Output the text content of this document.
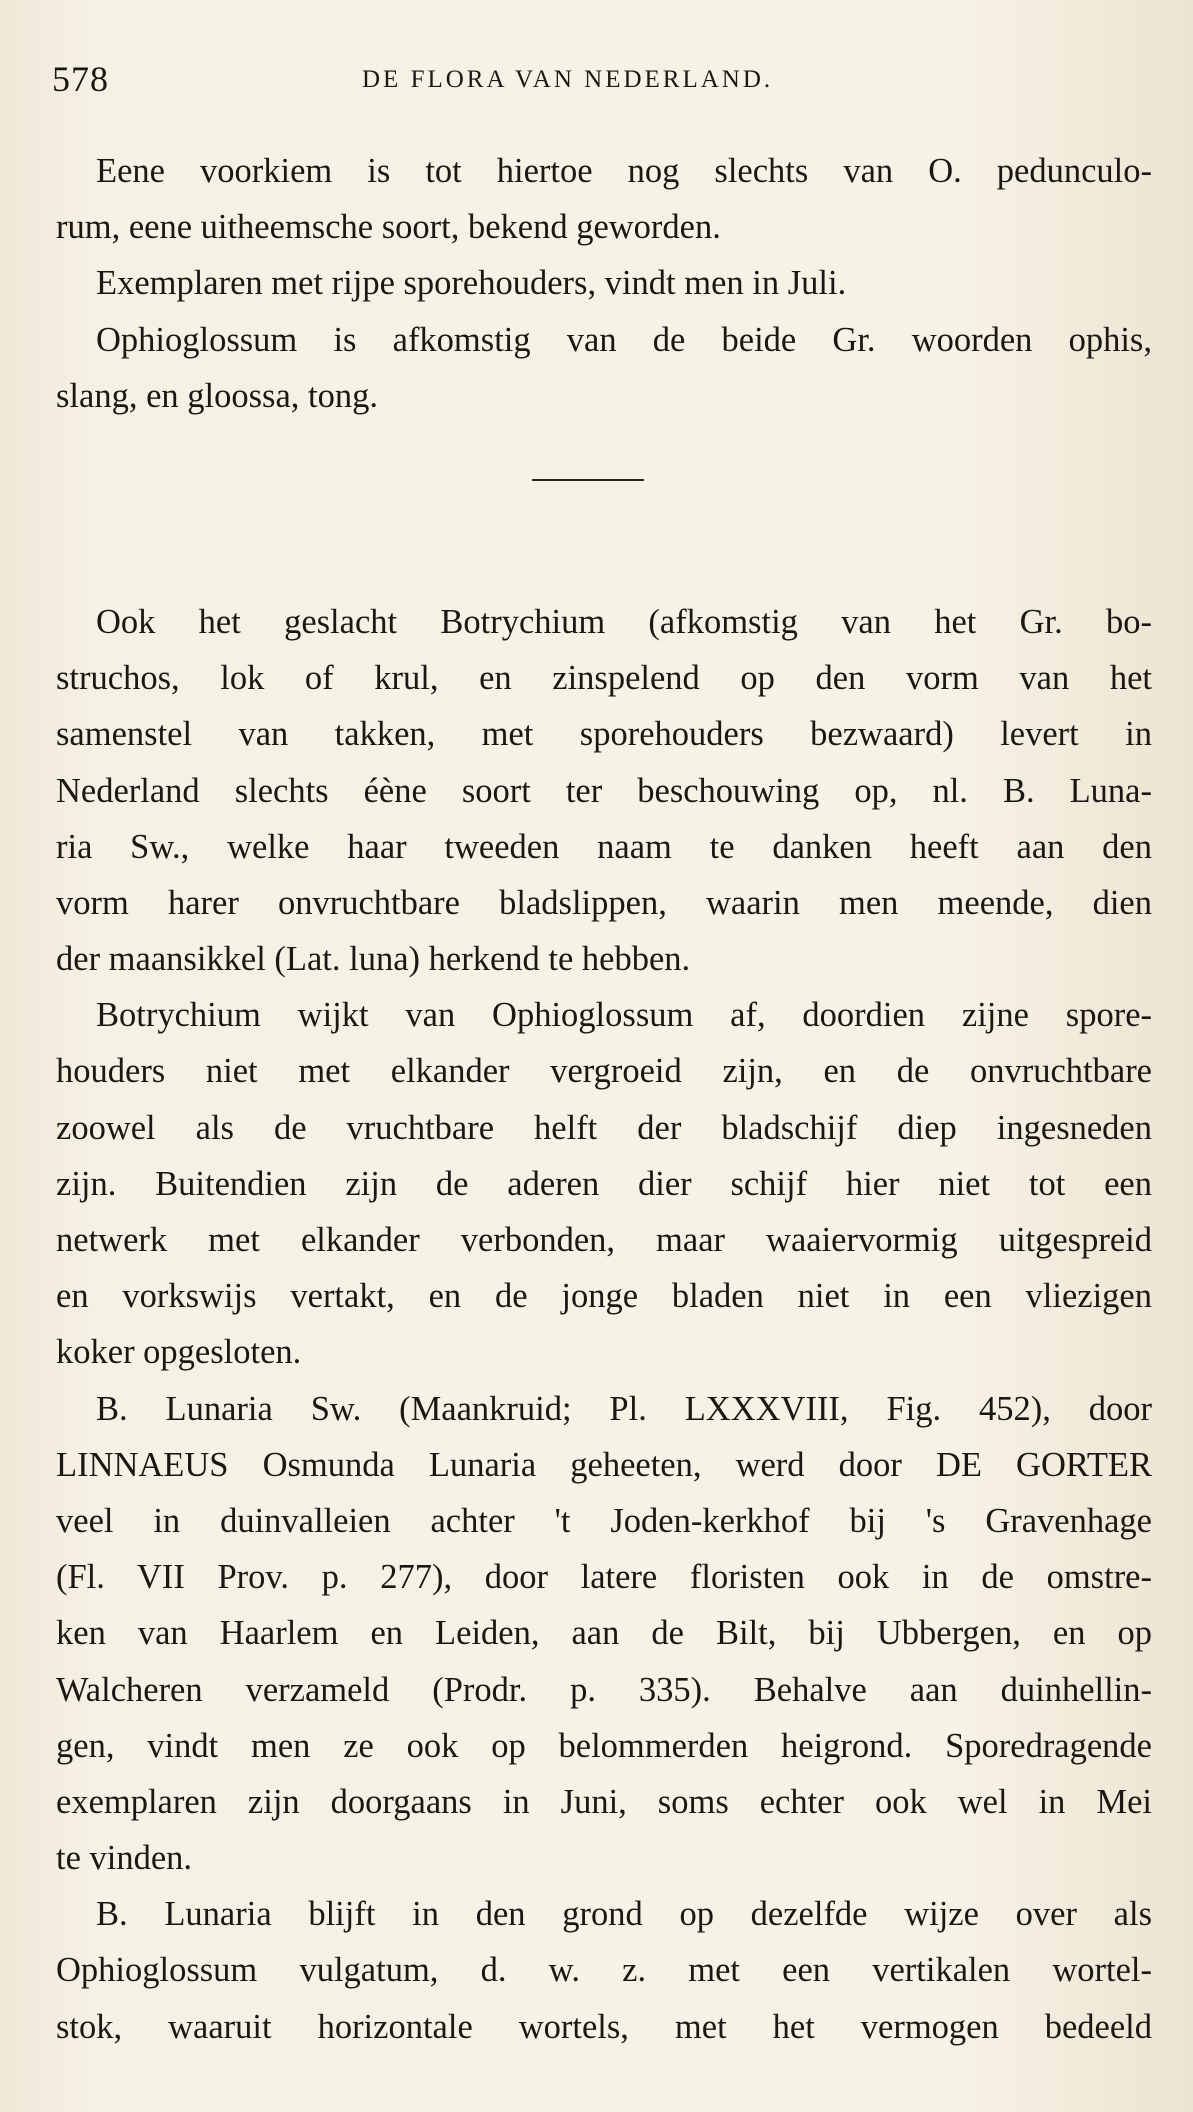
578	DE FLORA VAN NEDERLAND.
Eene voorkiem is tot hiertoe nog slechts van O. pedunculo-
rum, eene uitheemsche soort, bekend geworden.
Exemplaren met rijpe sporehouders, vindt men in Juli.
Ophioglossum is afkomstig van de beide Gr. woorden ophis,
slang, en gloossa, tong.
Ook het geslacht Botrychium (afkomstig van het Gr. bo-
struchos, lok of krul, en zinspelend op den vorm van het
samenstel van takken, met sporehouders bezwaard) levert in
Nederland slechts éène soort ter beschouwing op, nl. B. Luna-
ria Sw., welke haar tweeden naam te danken heeft aan den
vorm harer onvruchtbare bladslippen, waarin men meende, dien
der maansikkel (Lat. luna) herkend te hebben.
Botrychium wijkt van Ophioglossum af, doordien zijne spore-
houders niet met elkander vergroeid zijn, en de onvruchtbare
zoowel als de vruchtbare helft der bladschijf diep ingesneden
zijn. Buitendien zijn de aderen dier schijf hier niet tot een
netwerk met elkander verbonden, maar waaiervormig uitgespreid
en vorkswijs vertakt, en de jonge bladen niet in een vliezigen
koker opgesloten.
B. Lunaria Sw. (Maankruid; Pl. LXXXVIII, Fig. 452), door
LINNAEUS Osmunda Lunaria geheeten, werd door DE GORTER
veel in duinvalleien achter 't Joden-kerkhof bij 's Gravenhage
(Fl. VII Prov. p. 277), door latere floristen ook in de omstre-
ken van Haarlem en Leiden, aan de Bilt, bij Ubbergen, en op
Walcheren verzameld (Prodr. p. 335). Behalve aan duinhellin-
gen, vindt men ze ook op belommerden heigrond. Sporedragende
exemplaren zijn doorgaans in Juni, soms echter ook wel in Mei
te vinden.
B. Lunaria blijft in den grond op dezelfde wijze over als
Ophioglossum vulgatum, d. w. z. met een vertikalen wortel-
stok, waaruit horizontale wortels, met het vermogen bedeeld
